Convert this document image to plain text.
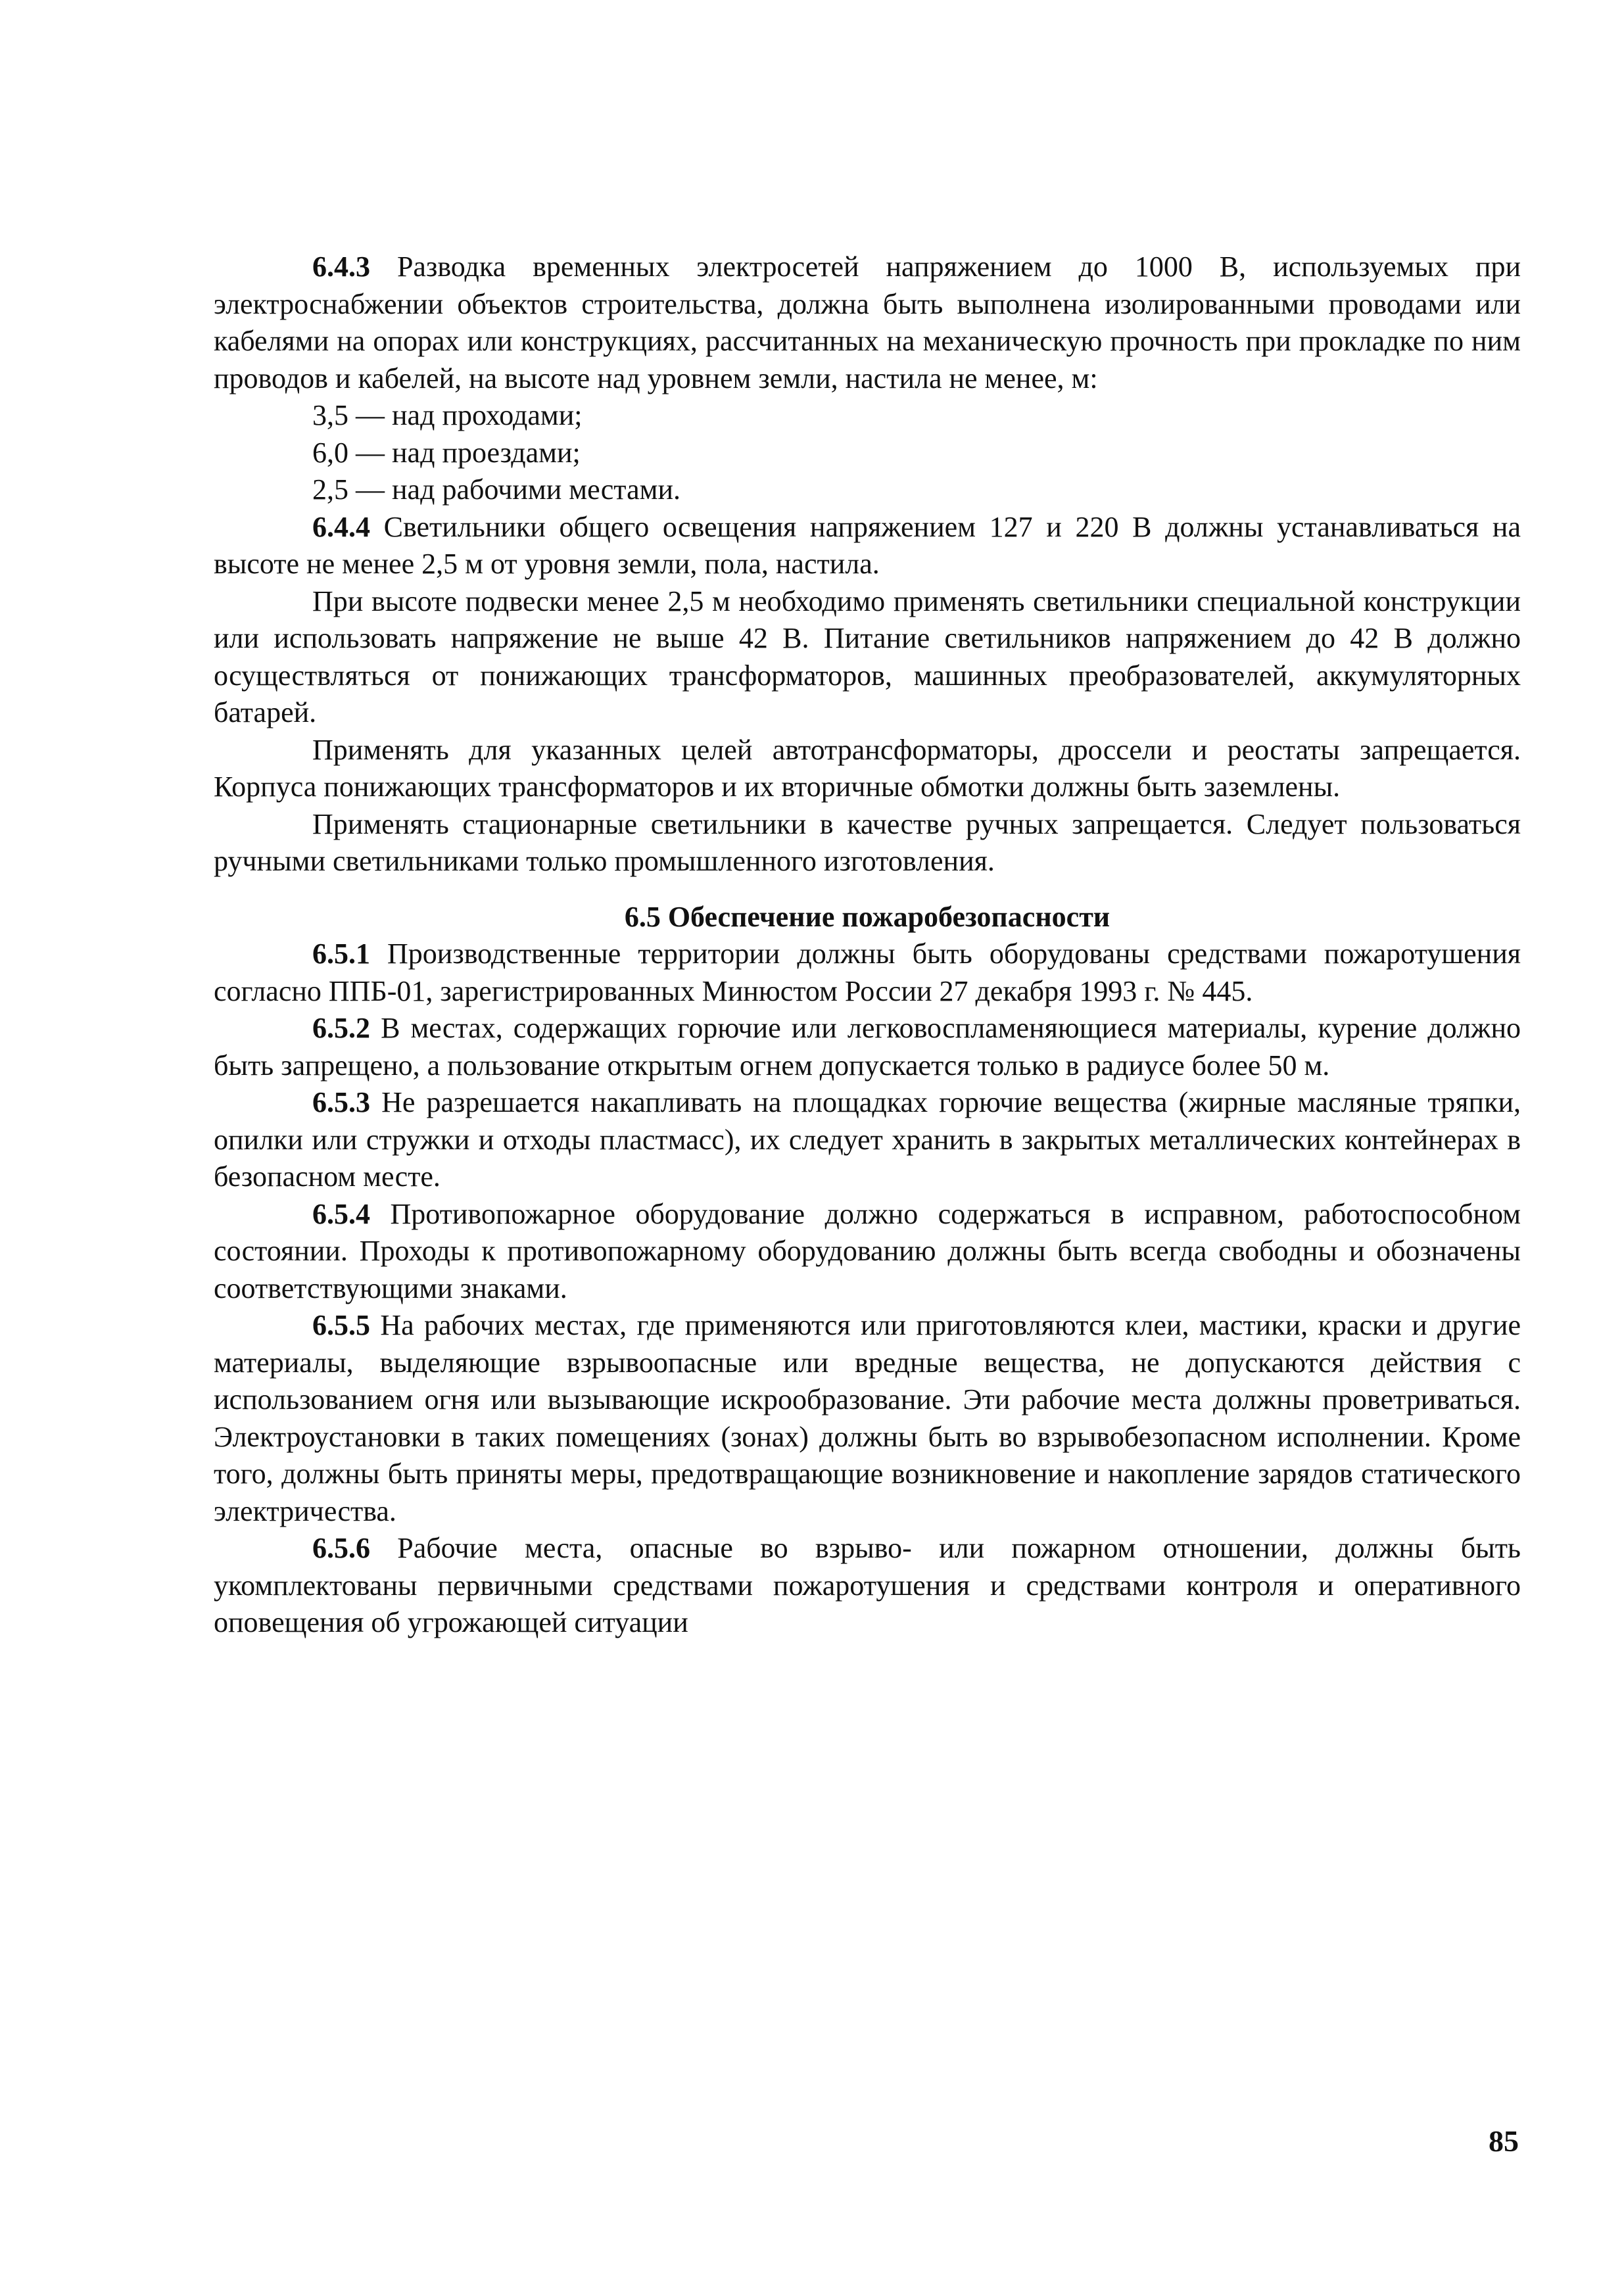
6.4.3 Разводка временных электросетей напряжением до 1000 В, используемых при электроснабжении объектов строительства, должна быть выполнена изолированными проводами или кабелями на опорах или конструкциях, рассчитанных на механическую прочность при прокладке по ним проводов и кабелей, на высоте над уровнем земли, настила не менее, м:

3,5 — над проходами;

6,0 — над проездами;

2,5 — над рабочими местами.

6.4.4 Светильники общего освещения напряжением 127 и 220 В должны устанавливаться на высоте не менее 2,5 м от уровня земли, пола, настила.

При высоте подвески менее 2,5 м необходимо применять светильники специальной конструкции или использовать напряжение не выше 42 В. Питание светильников напряжением до 42 В должно осуществляться от понижающих трансформаторов, машинных преобразователей, аккумуляторных батарей.

Применять для указанных целей автотрансформаторы, дроссели и реостаты запрещается. Корпуса понижающих трансформаторов и их вторичные обмотки должны быть заземлены.

Применять стационарные светильники в качестве ручных запрещается. Следует пользоваться ручными светильниками только промышленного изготовления.

6.5 Обеспечение пожаробезопасности

6.5.1 Производственные территории должны быть оборудованы средствами пожаротушения согласно ППБ-01, зарегистрированных Минюстом России 27 декабря 1993 г. № 445.

6.5.2 В местах, содержащих горючие или легковоспламеняющиеся материалы, курение должно быть запрещено, а пользование открытым огнем допускается только в радиусе более 50 м.

6.5.3 Не разрешается накапливать на площадках горючие вещества (жирные масляные тряпки, опилки или стружки и отходы пластмасс), их следует хранить в закрытых металлических контейнерах в безопасном месте.

6.5.4 Противопожарное оборудование должно содержаться в исправном, работоспособном состоянии. Проходы к противопожарному оборудованию должны быть всегда свободны и обозначены соответствующими знаками.

6.5.5 На рабочих местах, где применяются или приготовляются клеи, мастики, краски и другие материалы, выделяющие взрывоопасные или вредные вещества, не допускаются действия с использованием огня или вызывающие искрообразование. Эти рабочие места должны проветриваться. Электроустановки в таких помещениях (зонах) должны быть во взрывобезопасном исполнении. Кроме того, должны быть приняты меры, предотвращающие возникновение и накопление зарядов статического электричества.

6.5.6 Рабочие места, опасные во взрыво- или пожарном отношении, должны быть укомплектованы первичными средствами пожаротушения и средствами контроля и оперативного оповещения об угрожающей ситуации

85
